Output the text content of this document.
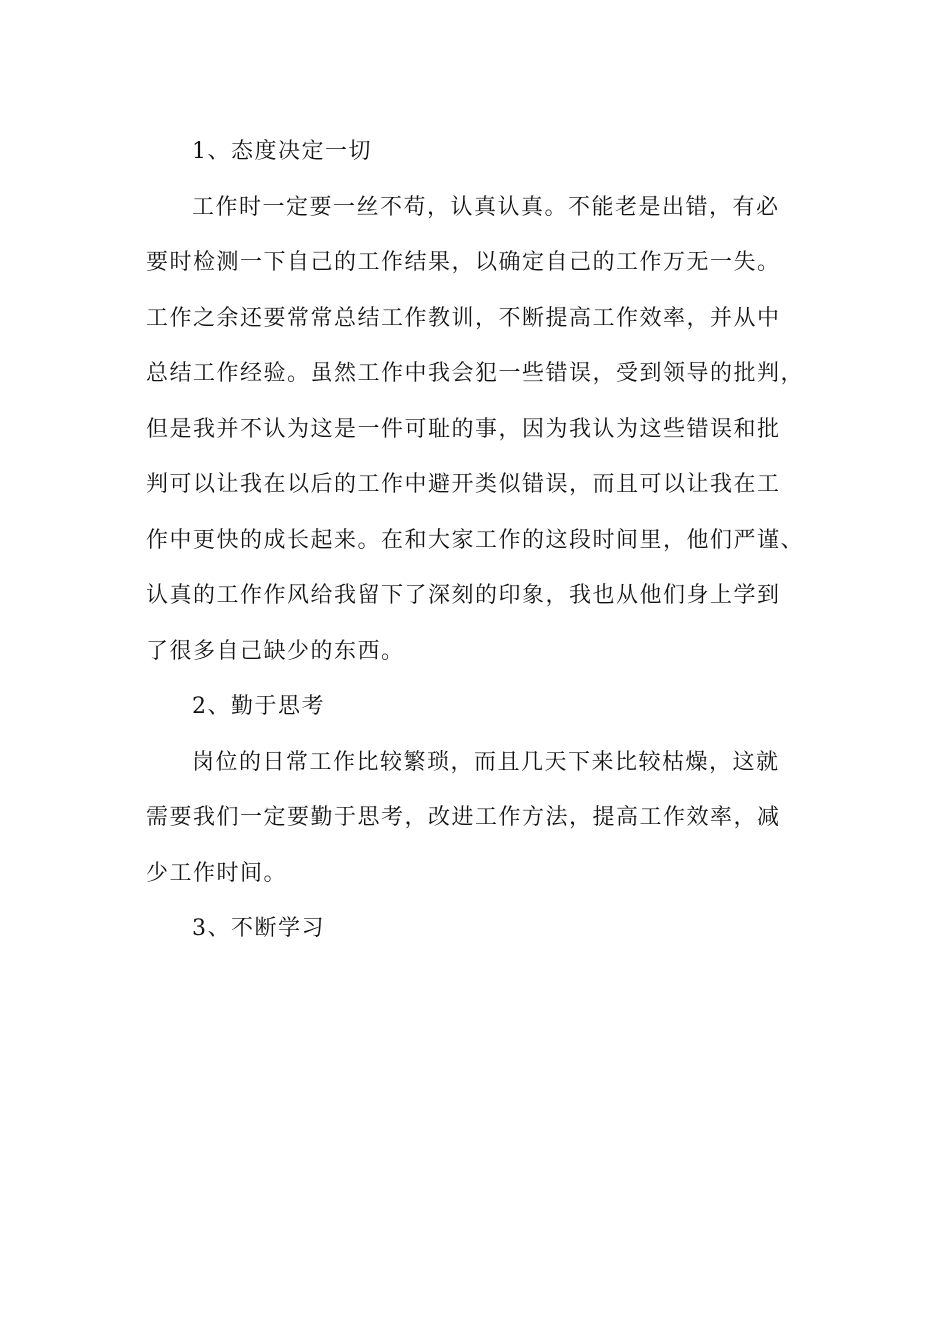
1、态度决定一切
工作时一定要一丝不苟，认真认真。不能老是出错，有必
要时检测一下自己的工作结果，以确定自己的工作万无一失。
工作之余还要常常总结工作教训，不断提高工作效率，并从中
总结工作经验。虽然工作中我会犯一些错误，受到领导的批判，
但是我并不认为这是一件可耻的事，因为我认为这些错误和批
判可以让我在以后的工作中避开类似错误，而且可以让我在工
作中更快的成长起来。在和大家工作的这段时间里，他们严谨、
认真的工作作风给我留下了深刻的印象，我也从他们身上学到
了很多自己缺少的东西。
2、勤于思考
岗位的日常工作比较繁琐，而且几天下来比较枯燥，这就
需要我们一定要勤于思考，改进工作方法，提高工作效率，减
少工作时间。
3、不断学习
